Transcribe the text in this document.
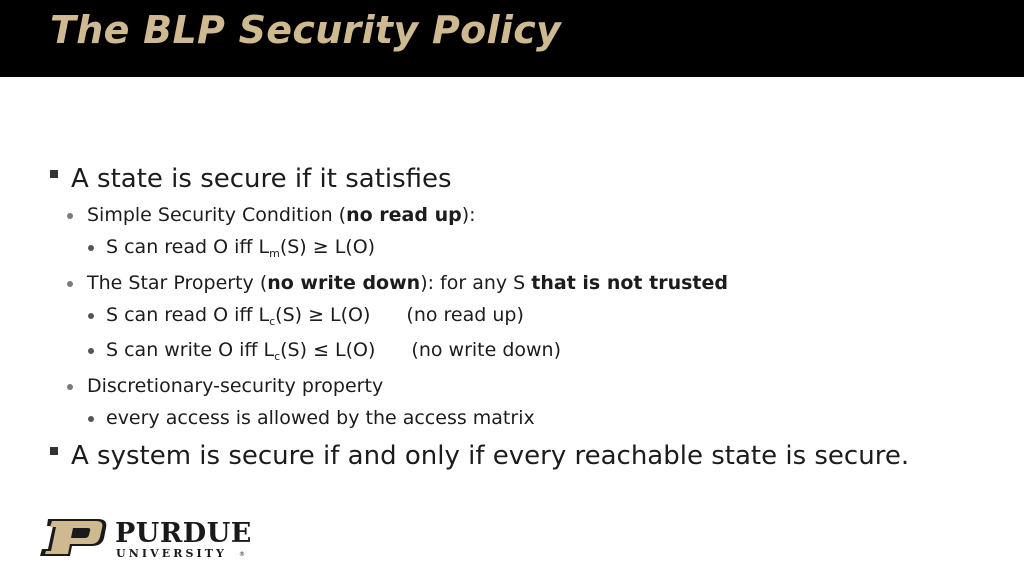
The BLP Security Policy
A state is secure if it satisfies
Simple Security Condition (no read up):
S can read O iff $L_m(S) \ge L(O)$
The Star Property (no write down): for any S that is not trusted
S can read O iff $L_c(S) \ge L(O)$ (no read up)
S can write O iff $L_c(S) \le L(O)$ (no write down)
Discretionary-security property
every access is allowed by the access matrix
A system is secure if and only if every reachable state is secure.
PURDUE
UNIVERSITY ®
